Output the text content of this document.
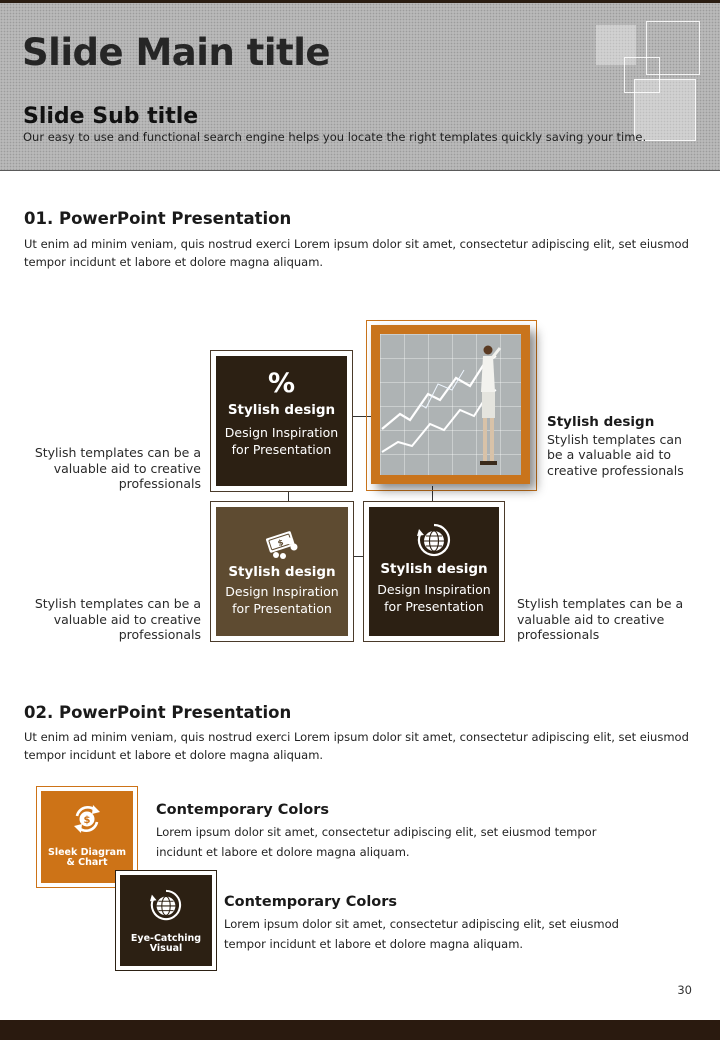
Slide Main title
Slide Sub title
Our easy to use and functional search engine helps you locate the right templates quickly saving your time.
01. PowerPoint Presentation
Ut enim ad minim veniam, quis nostrud exerci Lorem ipsum dolor sit amet, consectetur adipiscing elit, set eiusmod tempor incidunt et labore et dolore magna aliquam.
%
Stylish design
Design Inspiration
for Presentation
$
Stylish design
Design Inspiration
for Presentation
Stylish design
Design Inspiration
for Presentation
Stylish templates can be a valuable aid to creative professionals
Stylish templates can be a valuable aid to creative professionals
Stylish design
Stylish templates can be a valuable aid to creative professionals
Stylish templates can be a valuable aid to creative professionals
02. PowerPoint Presentation
Ut enim ad minim veniam, quis nostrud exerci Lorem ipsum dolor sit amet, consectetur adipiscing elit, set eiusmod tempor incidunt et labore et dolore magna aliquam.
$
Sleek Diagram
& Chart
Contemporary Colors
Lorem ipsum dolor sit amet, consectetur adipiscing elit, set eiusmod tempor incidunt et labore et dolore magna aliquam.
Eye-Catching
Visual
Contemporary Colors
Lorem ipsum dolor sit amet, consectetur adipiscing elit, set eiusmod tempor incidunt et labore et dolore magna aliquam.
30
